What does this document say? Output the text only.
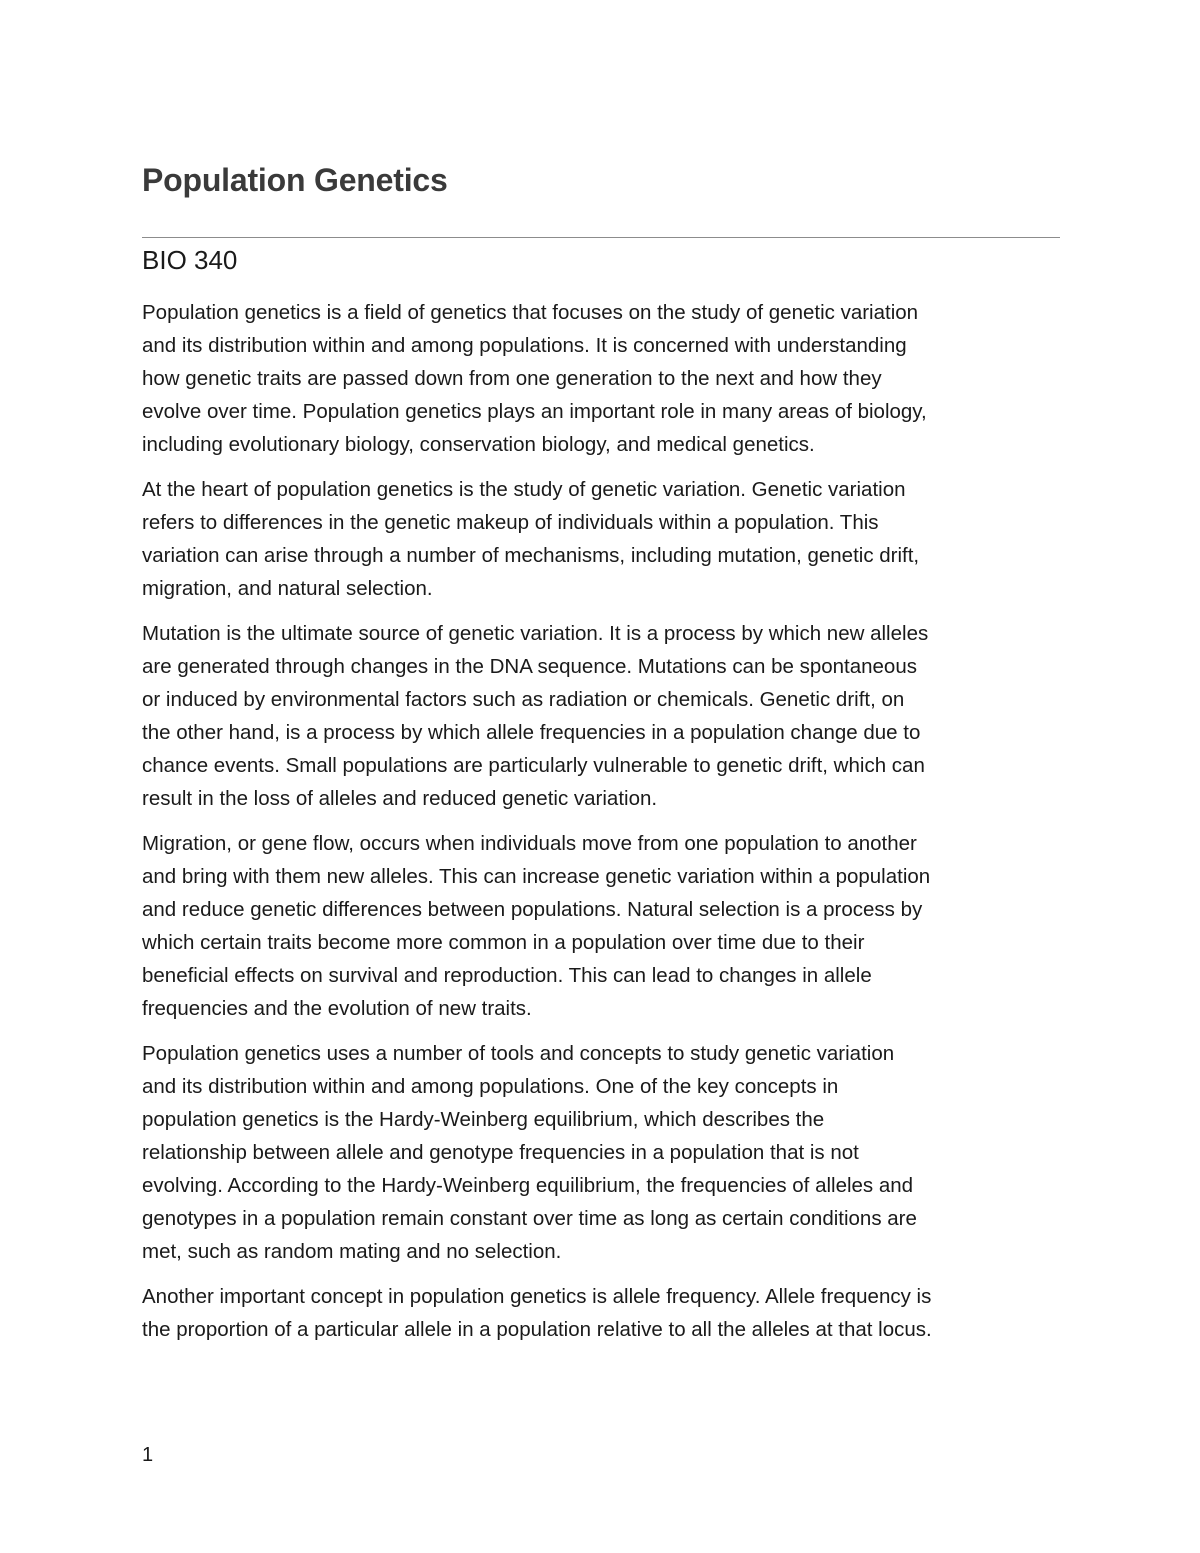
Population Genetics
BIO 340

Population genetics is a field of genetics that focuses on the study of genetic variation
and its distribution within and among populations. It is concerned with understanding
how genetic traits are passed down from one generation to the next and how they
evolve over time. Population genetics plays an important role in many areas of biology,
including evolutionary biology, conservation biology, and medical genetics.

At the heart of population genetics is the study of genetic variation. Genetic variation
refers to differences in the genetic makeup of individuals within a population. This
variation can arise through a number of mechanisms, including mutation, genetic drift,
migration, and natural selection.

Mutation is the ultimate source of genetic variation. It is a process by which new alleles
are generated through changes in the DNA sequence. Mutations can be spontaneous
or induced by environmental factors such as radiation or chemicals. Genetic drift, on
the other hand, is a process by which allele frequencies in a population change due to
chance events. Small populations are particularly vulnerable to genetic drift, which can
result in the loss of alleles and reduced genetic variation.

Migration, or gene flow, occurs when individuals move from one population to another
and bring with them new alleles. This can increase genetic variation within a population
and reduce genetic differences between populations. Natural selection is a process by
which certain traits become more common in a population over time due to their
beneficial effects on survival and reproduction. This can lead to changes in allele
frequencies and the evolution of new traits.

Population genetics uses a number of tools and concepts to study genetic variation
and its distribution within and among populations. One of the key concepts in
population genetics is the Hardy-Weinberg equilibrium, which describes the
relationship between allele and genotype frequencies in a population that is not
evolving. According to the Hardy-Weinberg equilibrium, the frequencies of alleles and
genotypes in a population remain constant over time as long as certain conditions are
met, such as random mating and no selection.

Another important concept in population genetics is allele frequency. Allele frequency is
the proportion of a particular allele in a population relative to all the alleles at that locus.

1
